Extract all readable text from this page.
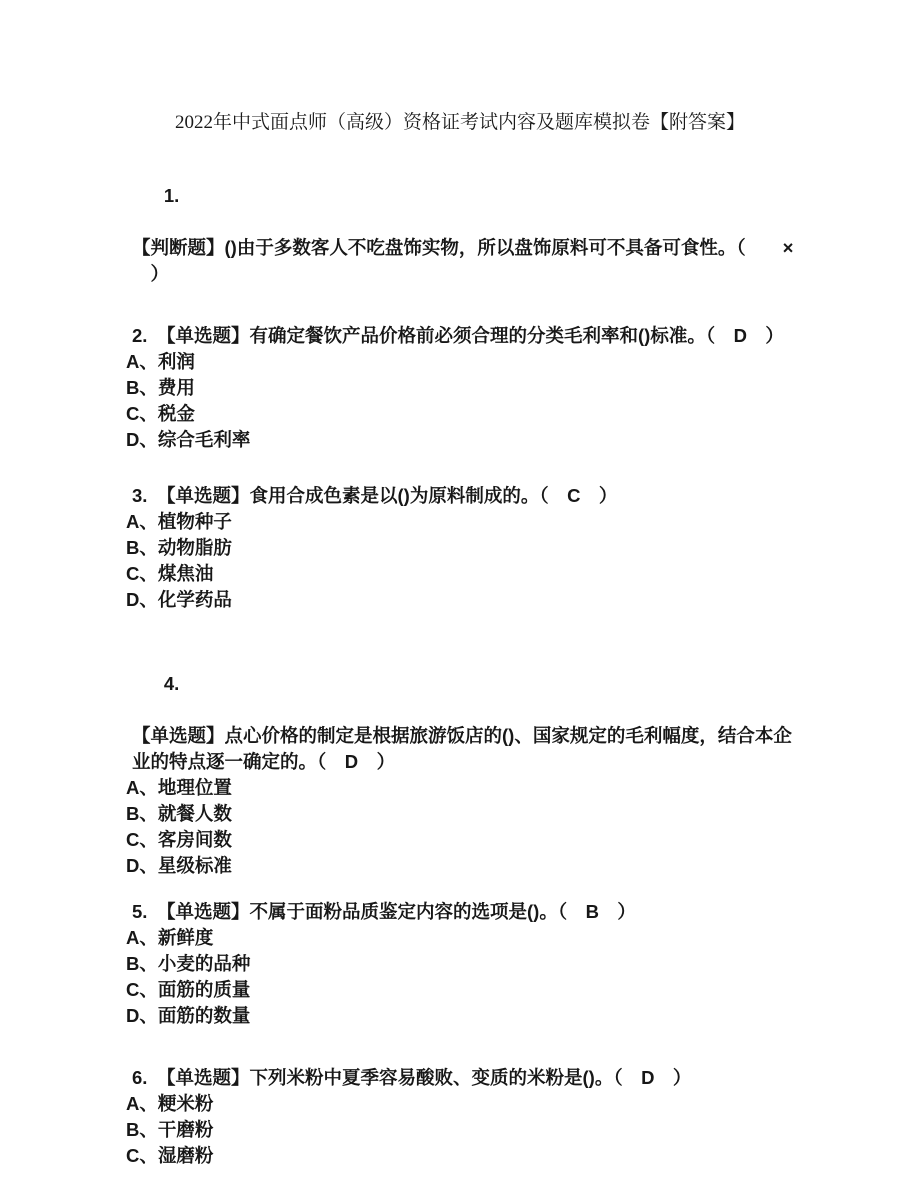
2022年中式面点师（高级）资格证考试内容及题库模拟卷【附答案】

1.

【判断题】()由于多数客人不吃盘饰实物，所以盘饰原料可不具备可食性。（　　×
　）
2. 【单选题】有确定餐饮产品价格前必须合理的分类毛利率和()标准。（　D　）
A、利润
B、费用
C、税金
D、综合毛利率
3. 【单选题】食用合成色素是以()为原料制成的。（　C　）
A、植物种子
B、动物脂肪
C、煤焦油
D、化学药品

4.

【单选题】点心价格的制定是根据旅游饭店的()、国家规定的毛利幅度，结合本企
业的特点逐一确定的。（　D　）
A、地理位置
B、就餐人数
C、客房间数
D、星级标准
5. 【单选题】不属于面粉品质鉴定内容的选项是()。（　B　）
A、新鲜度
B、小麦的品种
C、面筋的质量
D、面筋的数量
6. 【单选题】下列米粉中夏季容易酸败、变质的米粉是()。（　D　）
A、粳米粉
B、干磨粉
C、湿磨粉
